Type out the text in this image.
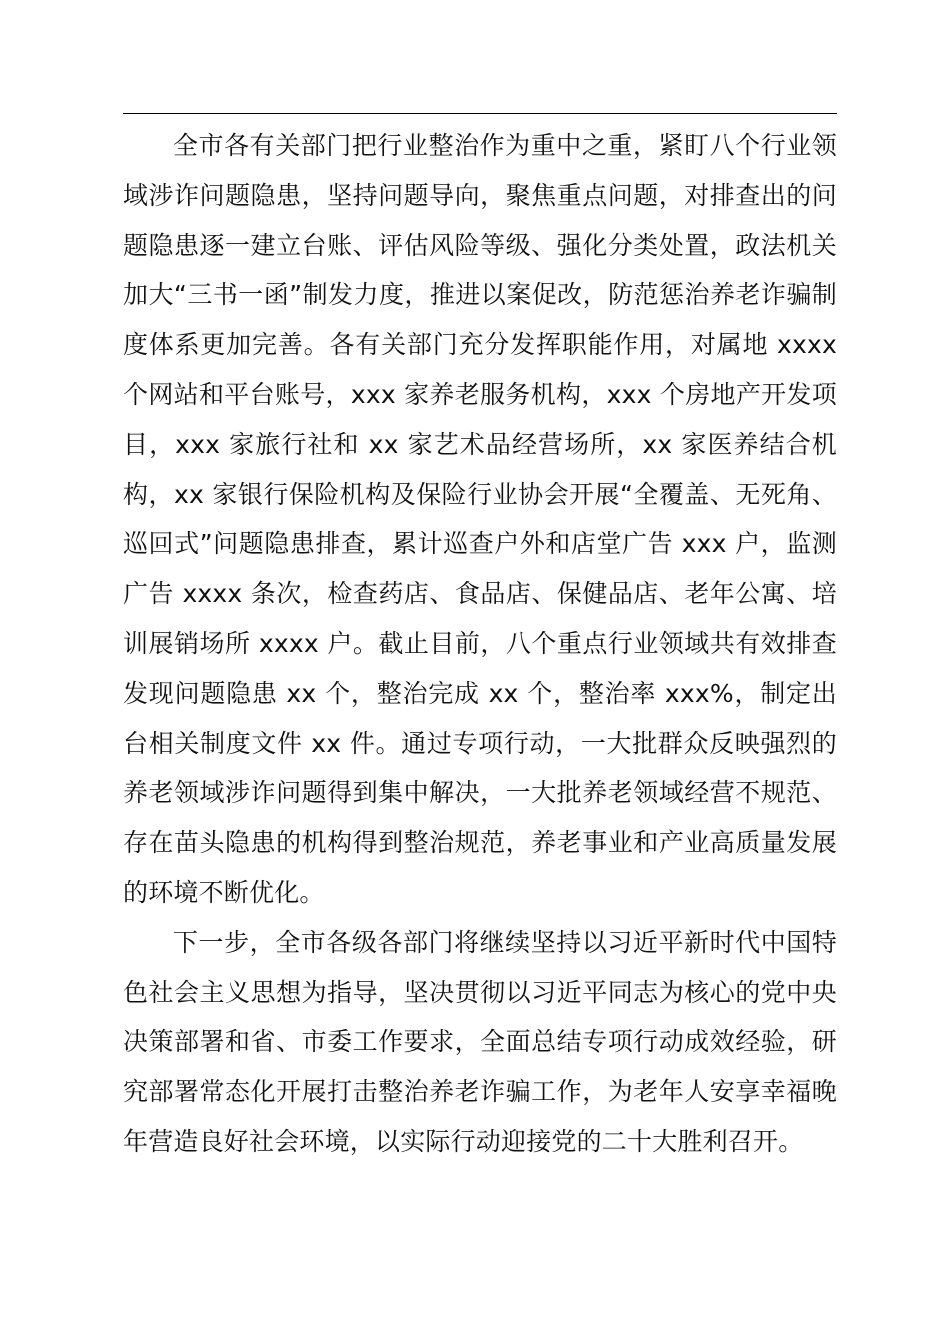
全市各有关部门把行业整治作为重中之重，紧盯八个行业领域涉诈问题隐患，坚持问题导向，聚焦重点问题，对排查出的问题隐患逐一建立台账、评估风险等级、强化分类处置，政法机关加大“三书一函”制发力度，推进以案促改，防范惩治养老诈骗制度体系更加完善。各有关部门充分发挥职能作用，对属地 xxxx 个网站和平台账号，xxx 家养老服务机构，xxx 个房地产开发项目，xxx 家旅行社和 xx 家艺术品经营场所，xx 家医养结合机构，xx 家银行保险机构及保险行业协会开展“全覆盖、无死角、巡回式”问题隐患排查，累计巡查户外和店堂广告 xxx 户，监测广告 xxxx 条次，检查药店、食品店、保健品店、老年公寓、培训展销场所 xxxx 户。截止目前，八个重点行业领域共有效排查发现问题隐患 xx 个，整治完成 xx 个，整治率 xxx%，制定出台相关制度文件 xx 件。通过专项行动，一大批群众反映强烈的养老领域涉诈问题得到集中解决，一大批养老领域经营不规范、存在苗头隐患的机构得到整治规范，养老事业和产业高质量发展的环境不断优化。

下一步，全市各级各部门将继续坚持以习近平新时代中国特色社会主义思想为指导，坚决贯彻以习近平同志为核心的党中央决策部署和省、市委工作要求，全面总结专项行动成效经验，研究部署常态化开展打击整治养老诈骗工作，为老年人安享幸福晚年营造良好社会环境，以实际行动迎接党的二十大胜利召开。
